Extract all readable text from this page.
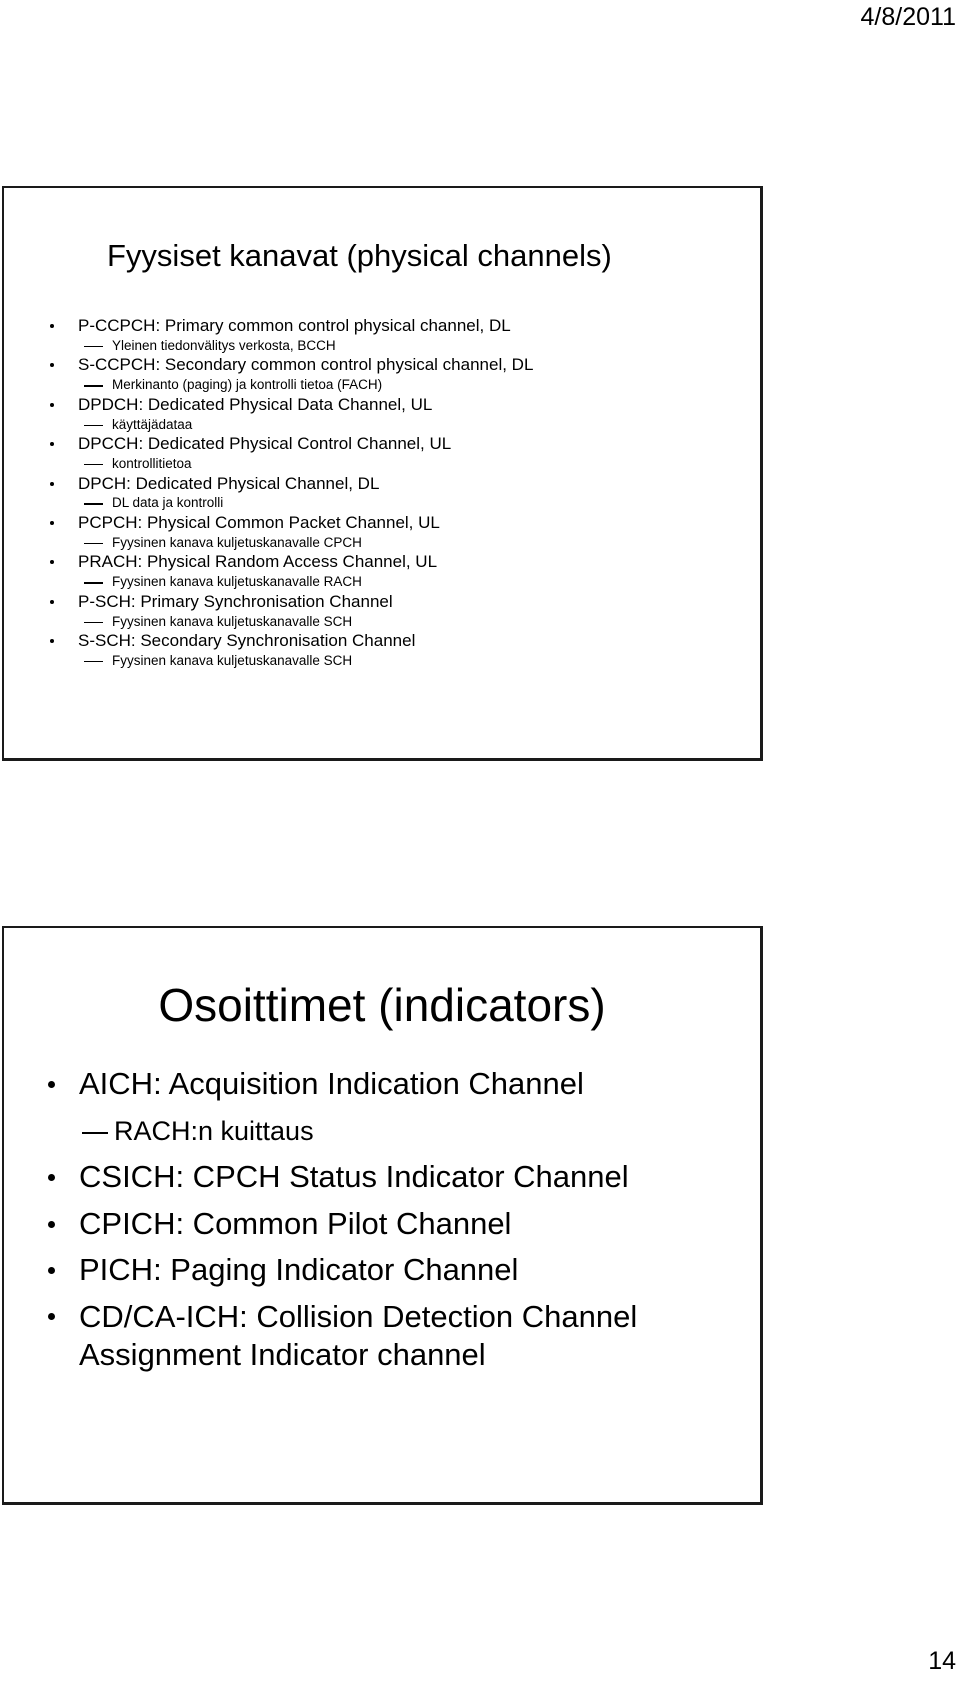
4/8/2011
Fyysiset kanavat (physical channels)
P-CCPCH: Primary common control physical channel, DL
Yleinen tiedonvälitys verkosta, BCCH
S-CCPCH: Secondary common control physical channel, DL
Merkinanto (paging) ja kontrolli tietoa (FACH)
DPDCH: Dedicated Physical Data Channel, UL
käyttäjädataa
DPCCH: Dedicated Physical Control Channel, UL
kontrollitietoa
DPCH: Dedicated Physical Channel, DL
DL data ja kontrolli
PCPCH: Physical Common Packet Channel, UL
Fyysinen kanava kuljetuskanavalle CPCH
PRACH: Physical Random Access Channel, UL
Fyysinen kanava kuljetuskanavalle RACH
P-SCH: Primary Synchronisation Channel
Fyysinen kanava kuljetuskanavalle SCH
S-SCH: Secondary Synchronisation Channel
Fyysinen kanava kuljetuskanavalle SCH
Osoittimet (indicators)
AICH: Acquisition Indication Channel
RACH:n kuittaus
CSICH: CPCH Status Indicator Channel
CPICH: Common Pilot Channel
PICH: Paging Indicator Channel
CD/CA-ICH: Collision Detection Channel Assignment Indicator channel
14
